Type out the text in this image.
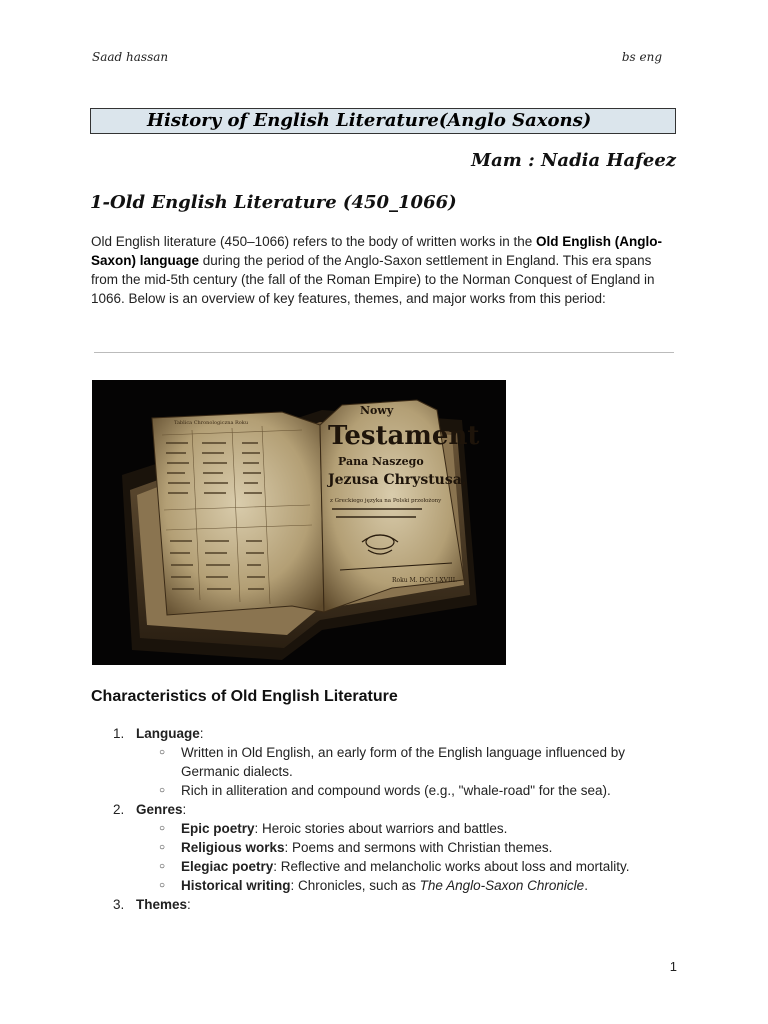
Saad hassan	bs eng
History of English Literature(Anglo Saxons)
Mam : Nadia Hafeez
1-Old English Literature (450_1066)

Old English literature (450–1066) refers to the body of written works in the Old English (Anglo-Saxon) language during the period of the Anglo-Saxon settlement in England. This era spans from the mid-5th century (the fall of the Roman Empire) to the Norman Conquest of England in 1066. Below is an overview of key features, themes, and major works from this period:

Tablica Chronologiczna Roku
Nowy
Testament
Pana Naszego
Jezusa Chrystusa,
z Greckiego języka na Polski przełożony
Roku M. DCC LXVIII.
Characteristics of Old English Literature
1. Language:
○ Written in Old English, an early form of the English language influenced by
Germanic dialects.
○ Rich in alliteration and compound words (e.g., "whale-road" for the sea).
2. Genres:
○ Epic poetry: Heroic stories about warriors and battles.
○ Religious works: Poems and sermons with Christian themes.
○ Elegiac poetry: Reflective and melancholic works about loss and mortality.
○ Historical writing: Chronicles, such as The Anglo-Saxon Chronicle.
3. Themes:
1
